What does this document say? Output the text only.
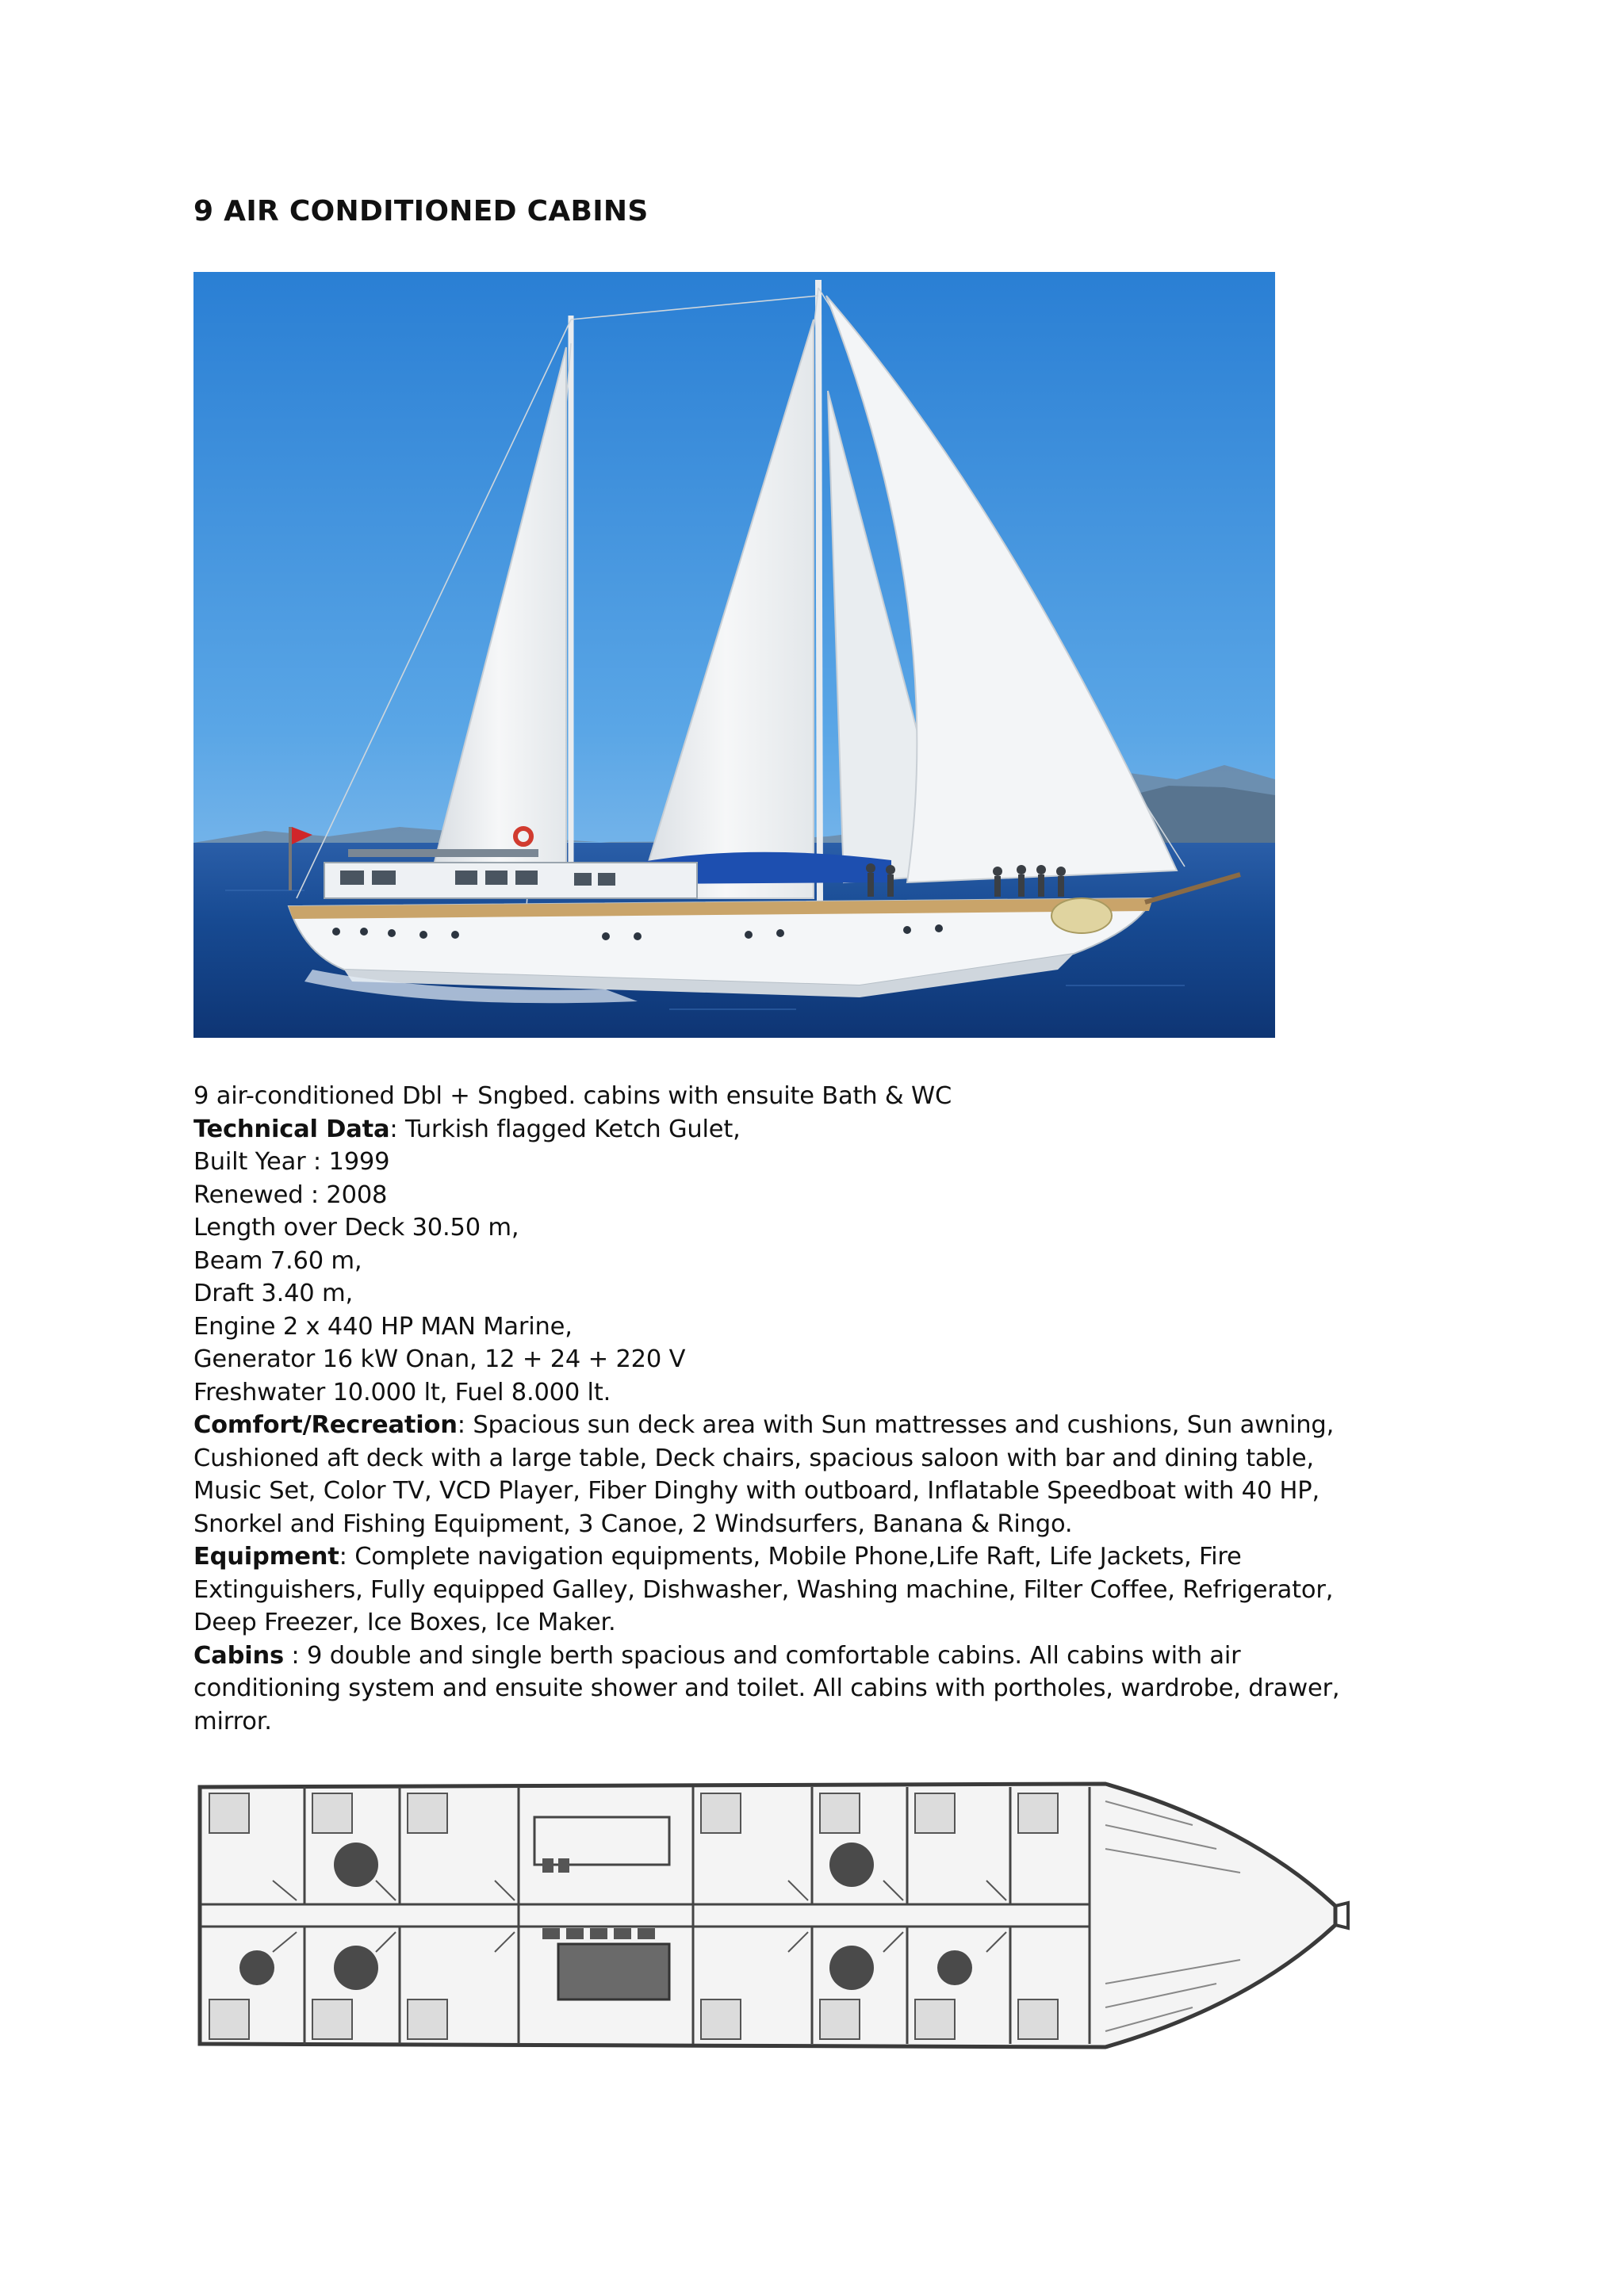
9 AIR CONDITIONED CABINS

9 air-conditioned Dbl + Sngbed. cabins with ensuite Bath & WC

Technical Data: Turkish flagged Ketch Gulet,

Built Year : 1999

Renewed : 2008

Length over Deck 30.50 m,

Beam 7.60 m,

Draft 3.40 m,

Engine 2 x 440 HP MAN Marine,

Generator 16 kW Onan, 12 + 24 + 220 V

Freshwater 10.000 lt, Fuel 8.000 lt.

Comfort/Recreation: Spacious sun deck area with Sun mattresses and cushions, Sun awning,

Cushioned aft deck with a large table, Deck chairs, spacious saloon with bar and dining table,

Music Set, Color TV, VCD Player, Fiber Dinghy with outboard, Inflatable Speedboat with 40 HP,

Snorkel and Fishing Equipment, 3 Canoe, 2 Windsurfers, Banana & Ringo.

Equipment: Complete navigation equipments, Mobile Phone,Life Raft, Life Jackets, Fire

Extinguishers, Fully equipped Galley, Dishwasher, Washing machine, Filter Coffee, Refrigerator,

Deep Freezer, Ice Boxes, Ice Maker.

Cabins : 9 double and single berth spacious and comfortable cabins. All cabins with air

conditioning system and ensuite shower and toilet. All cabins with portholes, wardrobe, drawer,

mirror.
